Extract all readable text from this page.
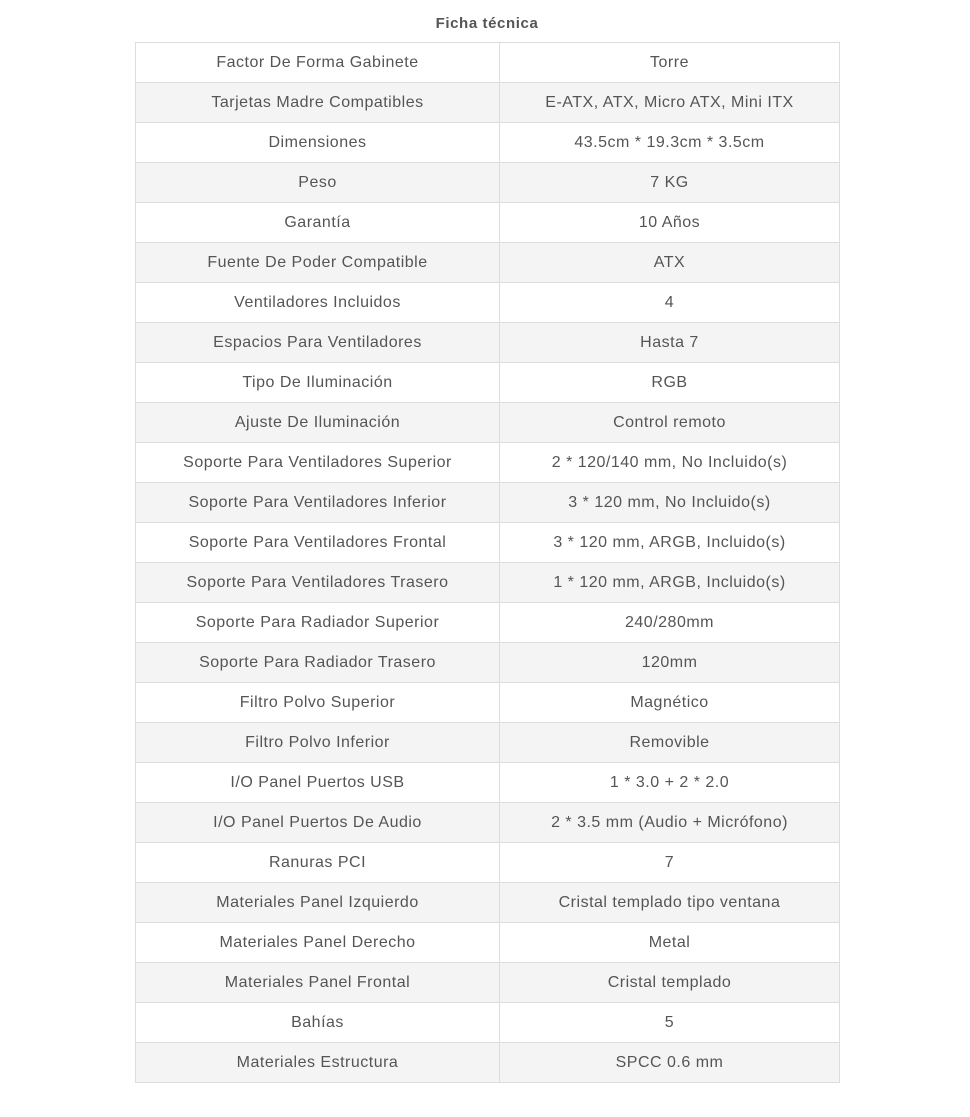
Ficha técnica
Factor De Forma Gabinete	Torre
Tarjetas Madre Compatibles	E-ATX, ATX, Micro ATX, Mini ITX
Dimensiones	43.5cm * 19.3cm * 3.5cm
Peso	7 KG
Garantía	10 Años
Fuente De Poder Compatible	ATX
Ventiladores Incluidos	4
Espacios Para Ventiladores	Hasta 7
Tipo De Iluminación	RGB
Ajuste De Iluminación	Control remoto
Soporte Para Ventiladores Superior	2 * 120/140 mm, No Incluido(s)
Soporte Para Ventiladores Inferior	3 * 120 mm, No Incluido(s)
Soporte Para Ventiladores Frontal	3 * 120 mm, ARGB, Incluido(s)
Soporte Para Ventiladores Trasero	1 * 120 mm, ARGB, Incluido(s)
Soporte Para Radiador Superior	240/280mm
Soporte Para Radiador Trasero	120mm
Filtro Polvo Superior	Magnético
Filtro Polvo Inferior	Removible
I/O Panel Puertos USB	1 * 3.0 + 2 * 2.0
I/O Panel Puertos De Audio	2 * 3.5 mm (Audio + Micrófono)
Ranuras PCI	7
Materiales Panel Izquierdo	Cristal templado tipo ventana
Materiales Panel Derecho	Metal
Materiales Panel Frontal	Cristal templado
Bahías	5
Materiales Estructura	SPCC 0.6 mm
